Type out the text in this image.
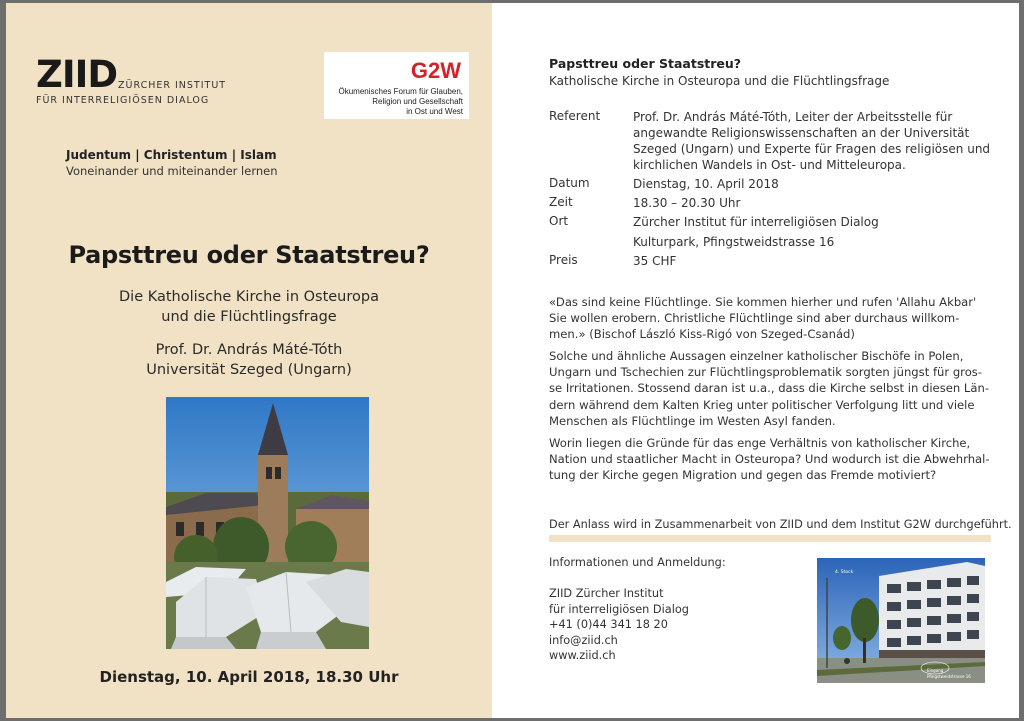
ZIID ZÜRCHER INSTITUT
FÜR INTERRELIGIÖSEN DIALOG
G2W
Ökumenisches Forum für Glauben,
Religion und Gesellschaft
in Ost und West
Judentum | Christentum | Islam
Voneinander und miteinander lernen
Papsttreu oder Staatstreu?
Die Katholische Kirche in Osteuropa
und die Flüchtlingsfrage
Prof. Dr. András Máté-Tóth
Universität Szeged (Ungarn)
Dienstag, 10. April 2018, 18.30 Uhr
Papsttreu oder Staatstreu?
Katholische Kirche in Osteuropa und die Flüchtlingsfrage
Referent	Prof. Dr. András Máté-Tóth, Leiter der Arbeitsstelle für
angewandte Religionswissenschaften an der Universität
Szeged (Ungarn) und Experte für Fragen des religiösen und
kirchlichen Wandels in Ost- und Mitteleuropa.
Datum	Dienstag, 10. April 2018
Zeit	18.30 – 20.30 Uhr
Ort	Zürcher Institut für interreligiösen Dialog
Kulturpark, Pfingstweidstrasse 16
Preis	35 CHF
«Das sind keine Flüchtlinge. Sie kommen hierher und rufen 'Allahu Akbar'
Sie wollen erobern. Christliche Flüchtlinge sind aber durchaus willkom-
men.» (Bischof László Kiss-Rigó von Szeged-Csanád)
Solche und ähnliche Aussagen einzelner katholischer Bischöfe in Polen,
Ungarn und Tschechien zur Flüchtlingsproblematik sorgten jüngst für gros-
se Irritationen. Stossend daran ist u.a., dass die Kirche selbst in diesen Län-
dern während dem Kalten Krieg unter politischer Verfolgung litt und viele
Menschen als Flüchtlinge im Westen Asyl fanden.
Worin liegen die Gründe für das enge Verhältnis von katholischer Kirche,
Nation und staatlicher Macht in Osteuropa? Und wodurch ist die Abwehrhal-
tung der Kirche gegen Migration und gegen das Fremde motiviert?
Der Anlass wird in Zusammenarbeit von ZIID und dem Institut G2W durchgeführt.
Informationen und Anmeldung:
ZIID Zürcher Institut
für interreligiösen Dialog
+41 (0)44 341 18 20
info@ziid.ch
www.ziid.ch
4. Stock
Eingang
Pfingstweidstrasse 16
